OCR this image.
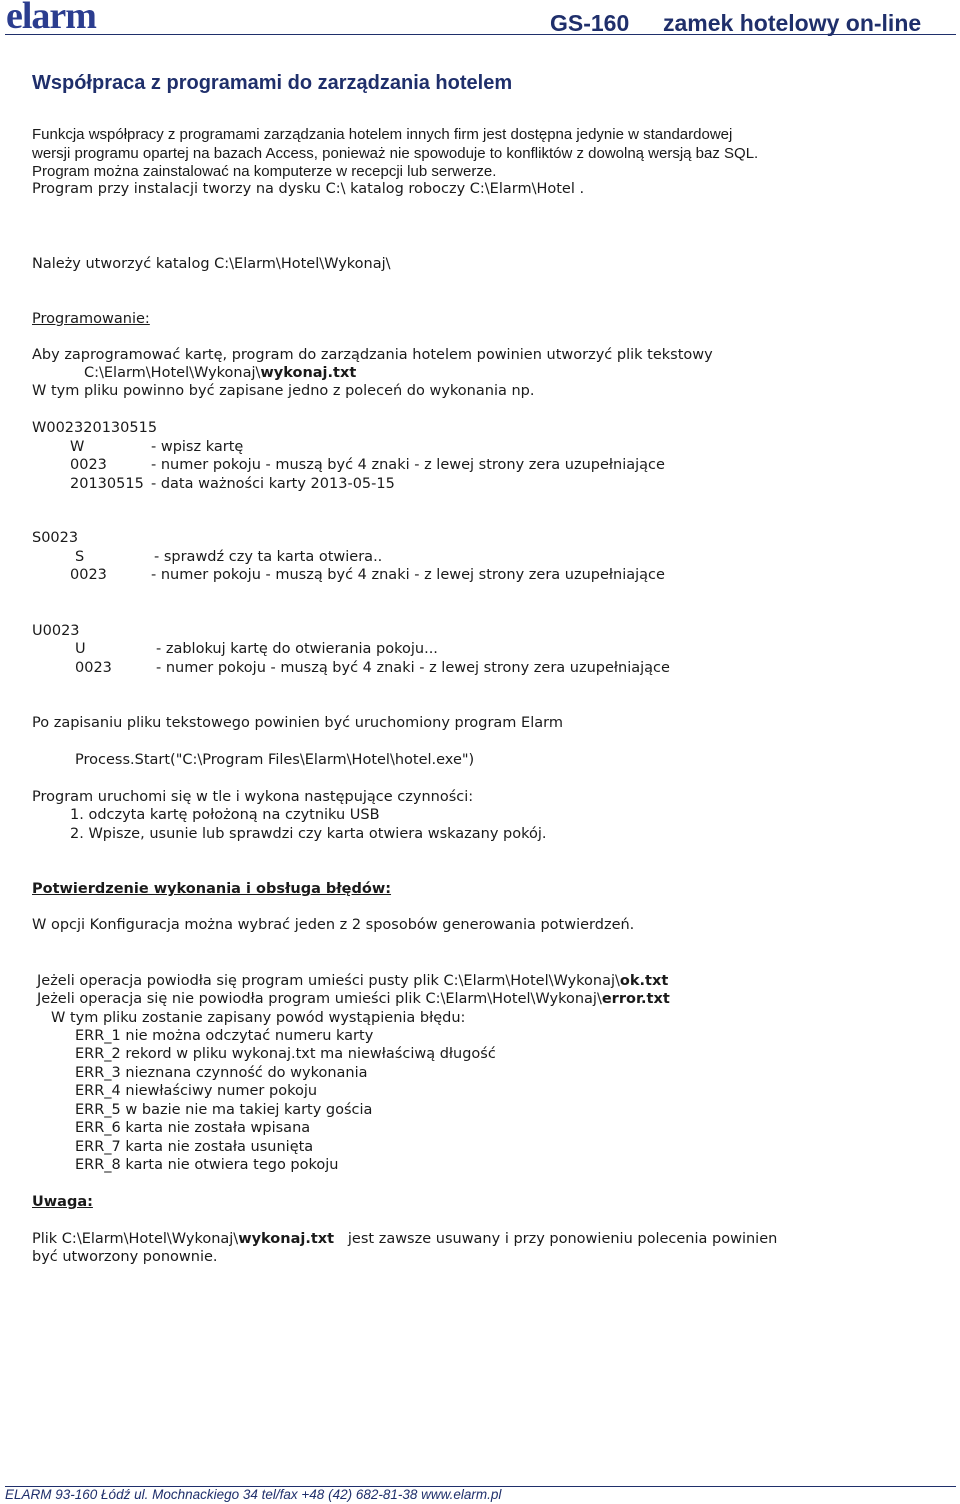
elarm	GS-160 zamek hotelowy on-line
Współpraca z programami do zarządzania hotelem
Funkcja współpracy z programami zarządzania hotelem innych firm jest dostępna jedynie w standardowej
wersji programu opartej na bazach Access, ponieważ nie spowoduje to konfliktów z dowolną wersją baz SQL.
Program można zainstalować na komputerze w recepcji lub serwerze.
Program przy instalacji tworzy na dysku C:\ katalog roboczy C:\Elarm\Hotel .
Należy utworzyć katalog C:\Elarm\Hotel\Wykonaj\
Programowanie:
Aby zaprogramować kartę, program do zarządzania hotelem powinien utworzyć plik tekstowy
C:\Elarm\Hotel\Wykonaj\wykonaj.txt
W tym pliku powinno być zapisane jedno z poleceń do wykonania np.
W002320130515
W	- wpisz kartę
0023	- numer pokoju - muszą być 4 znaki - z lewej strony zera uzupełniające
20130515 - data ważności karty 2013-05-15
S0023
S	- sprawdź czy ta karta otwiera..
0023	- numer pokoju - muszą być 4 znaki - z lewej strony zera uzupełniające
U0023
U	- zablokuj kartę do otwierania pokoju...
0023	- numer pokoju - muszą być 4 znaki - z lewej strony zera uzupełniające
Po zapisaniu pliku tekstowego powinien być uruchomiony program Elarm
Process.Start("C:\Program Files\Elarm\Hotel\hotel.exe")
Program uruchomi się w tle i wykona następujące czynności:
1. odczyta kartę położoną na czytniku USB
2. Wpisze, usunie lub sprawdzi czy karta otwiera wskazany pokój.
Potwierdzenie wykonania i obsługa błędów:
W opcji Konfiguracja można wybrać jeden z 2 sposobów generowania potwierdzeń.
Jeżeli operacja powiodła się program umieści pusty plik C:\Elarm\Hotel\Wykonaj\ok.txt
Jeżeli operacja się nie powiodła program umieści plik C:\Elarm\Hotel\Wykonaj\error.txt
W tym pliku zostanie zapisany powód wystąpienia błędu:
ERR_1 nie można odczytać numeru karty
ERR_2 rekord w pliku wykonaj.txt ma niewłaściwą długość
ERR_3 nieznana czynność do wykonania
ERR_4 niewłaściwy numer pokoju
ERR_5 w bazie nie ma takiej karty gościa
ERR_6 karta nie została wpisana
ERR_7 karta nie została usunięta
ERR_8 karta nie otwiera tego pokoju
Uwaga:
Plik C:\Elarm\Hotel\Wykonaj\wykonaj.txt   jest zawsze usuwany i przy ponowieniu polecenia powinien
być utworzony ponownie.
ELARM 93-160 Łódź ul. Mochnackiego 34 tel/fax +48 (42) 682-81-38 www.elarm.pl
